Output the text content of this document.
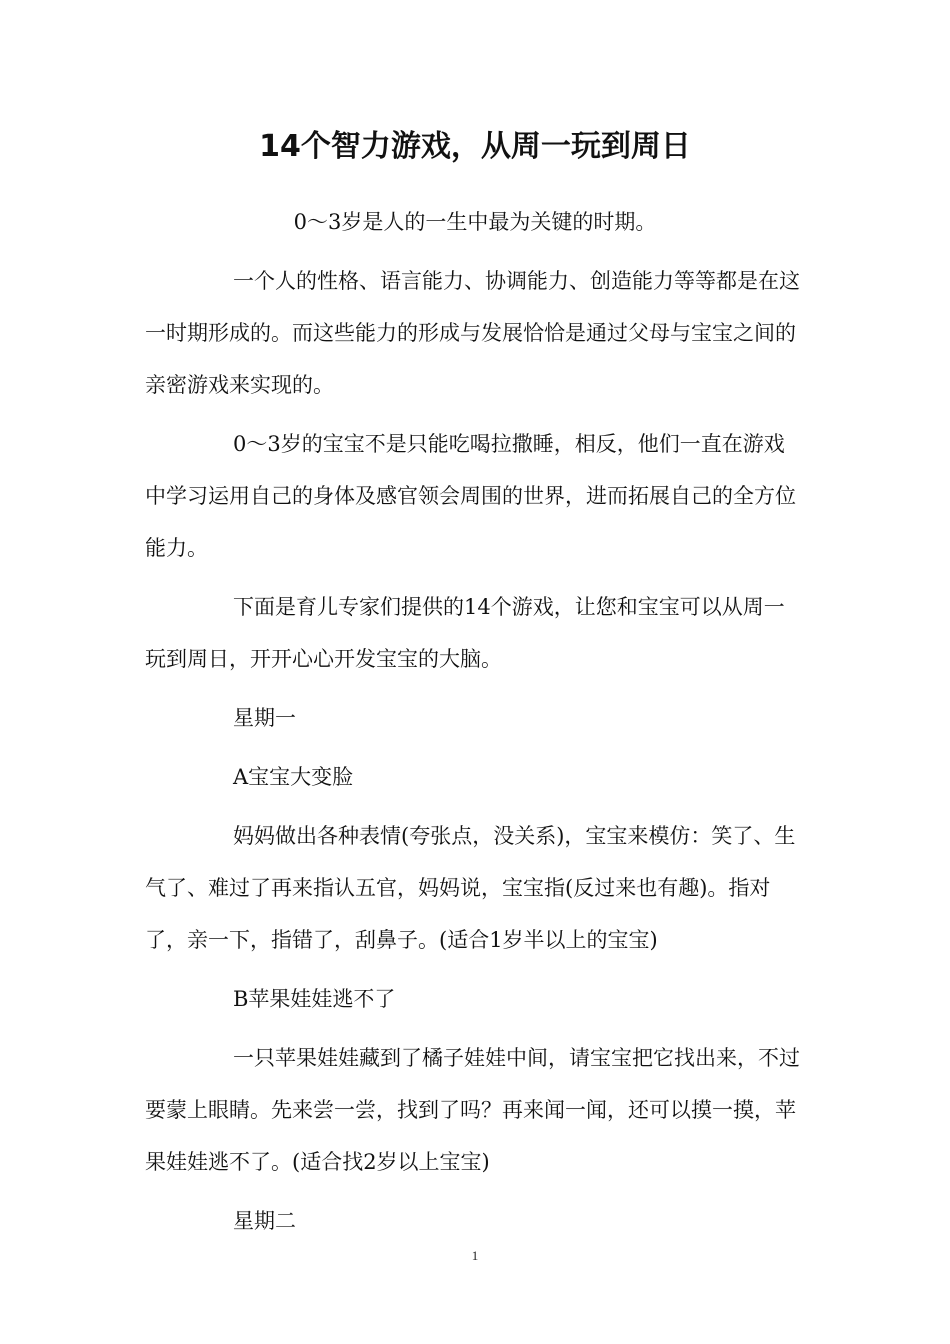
14个智力游戏，从周一玩到周日

0～3岁是人的一生中最为关键的时期。

一个人的性格、语言能力、协调能力、创造能力等等都是在这一时期形成的。而这些能力的形成与发展恰恰是通过父母与宝宝之间的亲密游戏来实现的。

0～3岁的宝宝不是只能吃喝拉撒睡，相反，他们一直在游戏中学习运用自己的身体及感官领会周围的世界，进而拓展自己的全方位能力。

下面是育儿专家们提供的14个游戏，让您和宝宝可以从周一玩到周日，开开心心开发宝宝的大脑。

星期一

A宝宝大变脸

妈妈做出各种表情(夸张点，没关系)，宝宝来模仿：笑了、生气了、难过了再来指认五官，妈妈说，宝宝指(反过来也有趣)。指对了，亲一下，指错了，刮鼻子。(适合1岁半以上的宝宝)

B苹果娃娃逃不了

一只苹果娃娃藏到了橘子娃娃中间，请宝宝把它找出来，不过要蒙上眼睛。先来尝一尝，找到了吗？再来闻一闻，还可以摸一摸，苹果娃娃逃不了。(适合找2岁以上宝宝)

星期二

1
